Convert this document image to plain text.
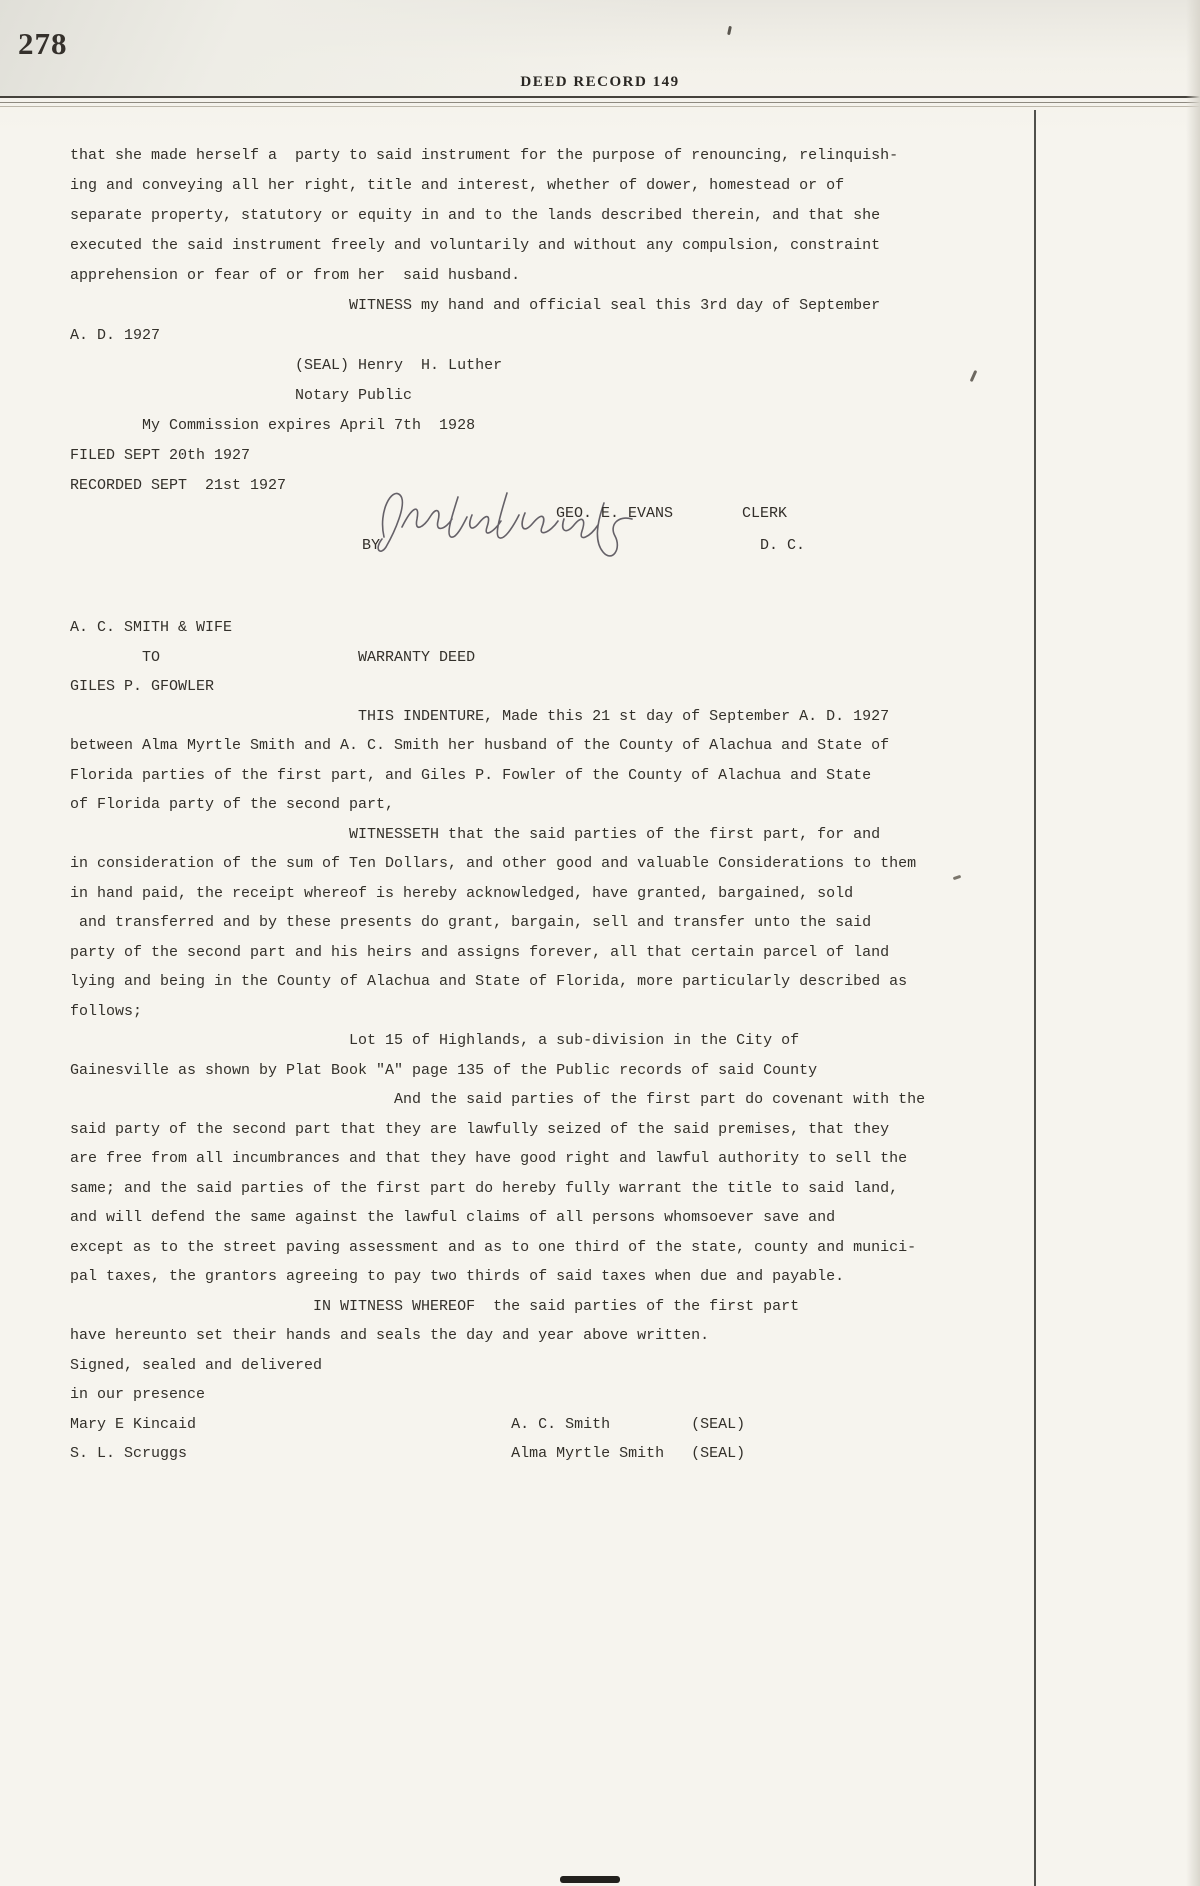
278
DEED RECORD 149
that she made herself a  party to said instrument for the purpose of renouncing, relinquish-
ing and conveying all her right, title and interest, whether of dower, homestead or of
separate property, statutory or equity in and to the lands described therein, and that she
executed the said instrument freely and voluntarily and without any compulsion, constraint
apprehension or fear of or from her  said husband.
WITNESS my hand and official seal this 3rd day of September
A. D. 1927
(SEAL) Henry  H. Luther
Notary Public
My Commission expires April 7th  1928
FILED SEPT 20th 1927
RECORDED SEPT  21st 1927
BY
GEO. E. EVANS	CLERK
D. C.
A. C. SMITH & WIFE
TO                      WARRANTY DEED
GILES P. GFOWLER
THIS INDENTURE, Made this 21 st day of September A. D. 1927
between Alma Myrtle Smith and A. C. Smith her husband of the County of Alachua and State of
Florida parties of the first part, and Giles P. Fowler of the County of Alachua and State
of Florida party of the second part,
WITNESSETH that the said parties of the first part, for and
in consideration of the sum of Ten Dollars, and other good and valuable Considerations to them
in hand paid, the receipt whereof is hereby acknowledged, have granted, bargained, sold
and transferred and by these presents do grant, bargain, sell and transfer unto the said
party of the second part and his heirs and assigns forever, all that certain parcel of land
lying and being in the County of Alachua and State of Florida, more particularly described as
follows;
Lot 15 of Highlands, a sub-division in the City of
Gainesville as shown by Plat Book "A" page 135 of the Public records of said County
And the said parties of the first part do covenant with the
said party of the second part that they are lawfully seized of the said premises, that they
are free from all incumbrances and that they have good right and lawful authority to sell the
same; and the said parties of the first part do hereby fully warrant the title to said land,
and will defend the same against the lawful claims of all persons whomsoever save and
except as to the street paving assessment and as to one third of the state, county and munici-
pal taxes, the grantors agreeing to pay two thirds of said taxes when due and payable.
IN WITNESS WHEREOF  the said parties of the first part
have hereunto set their hands and seals the day and year above written.
Signed, sealed and delivered
in our presence
Mary E Kincaid                                   A. C. Smith         (SEAL)
S. L. Scruggs                                    Alma Myrtle Smith   (SEAL)
